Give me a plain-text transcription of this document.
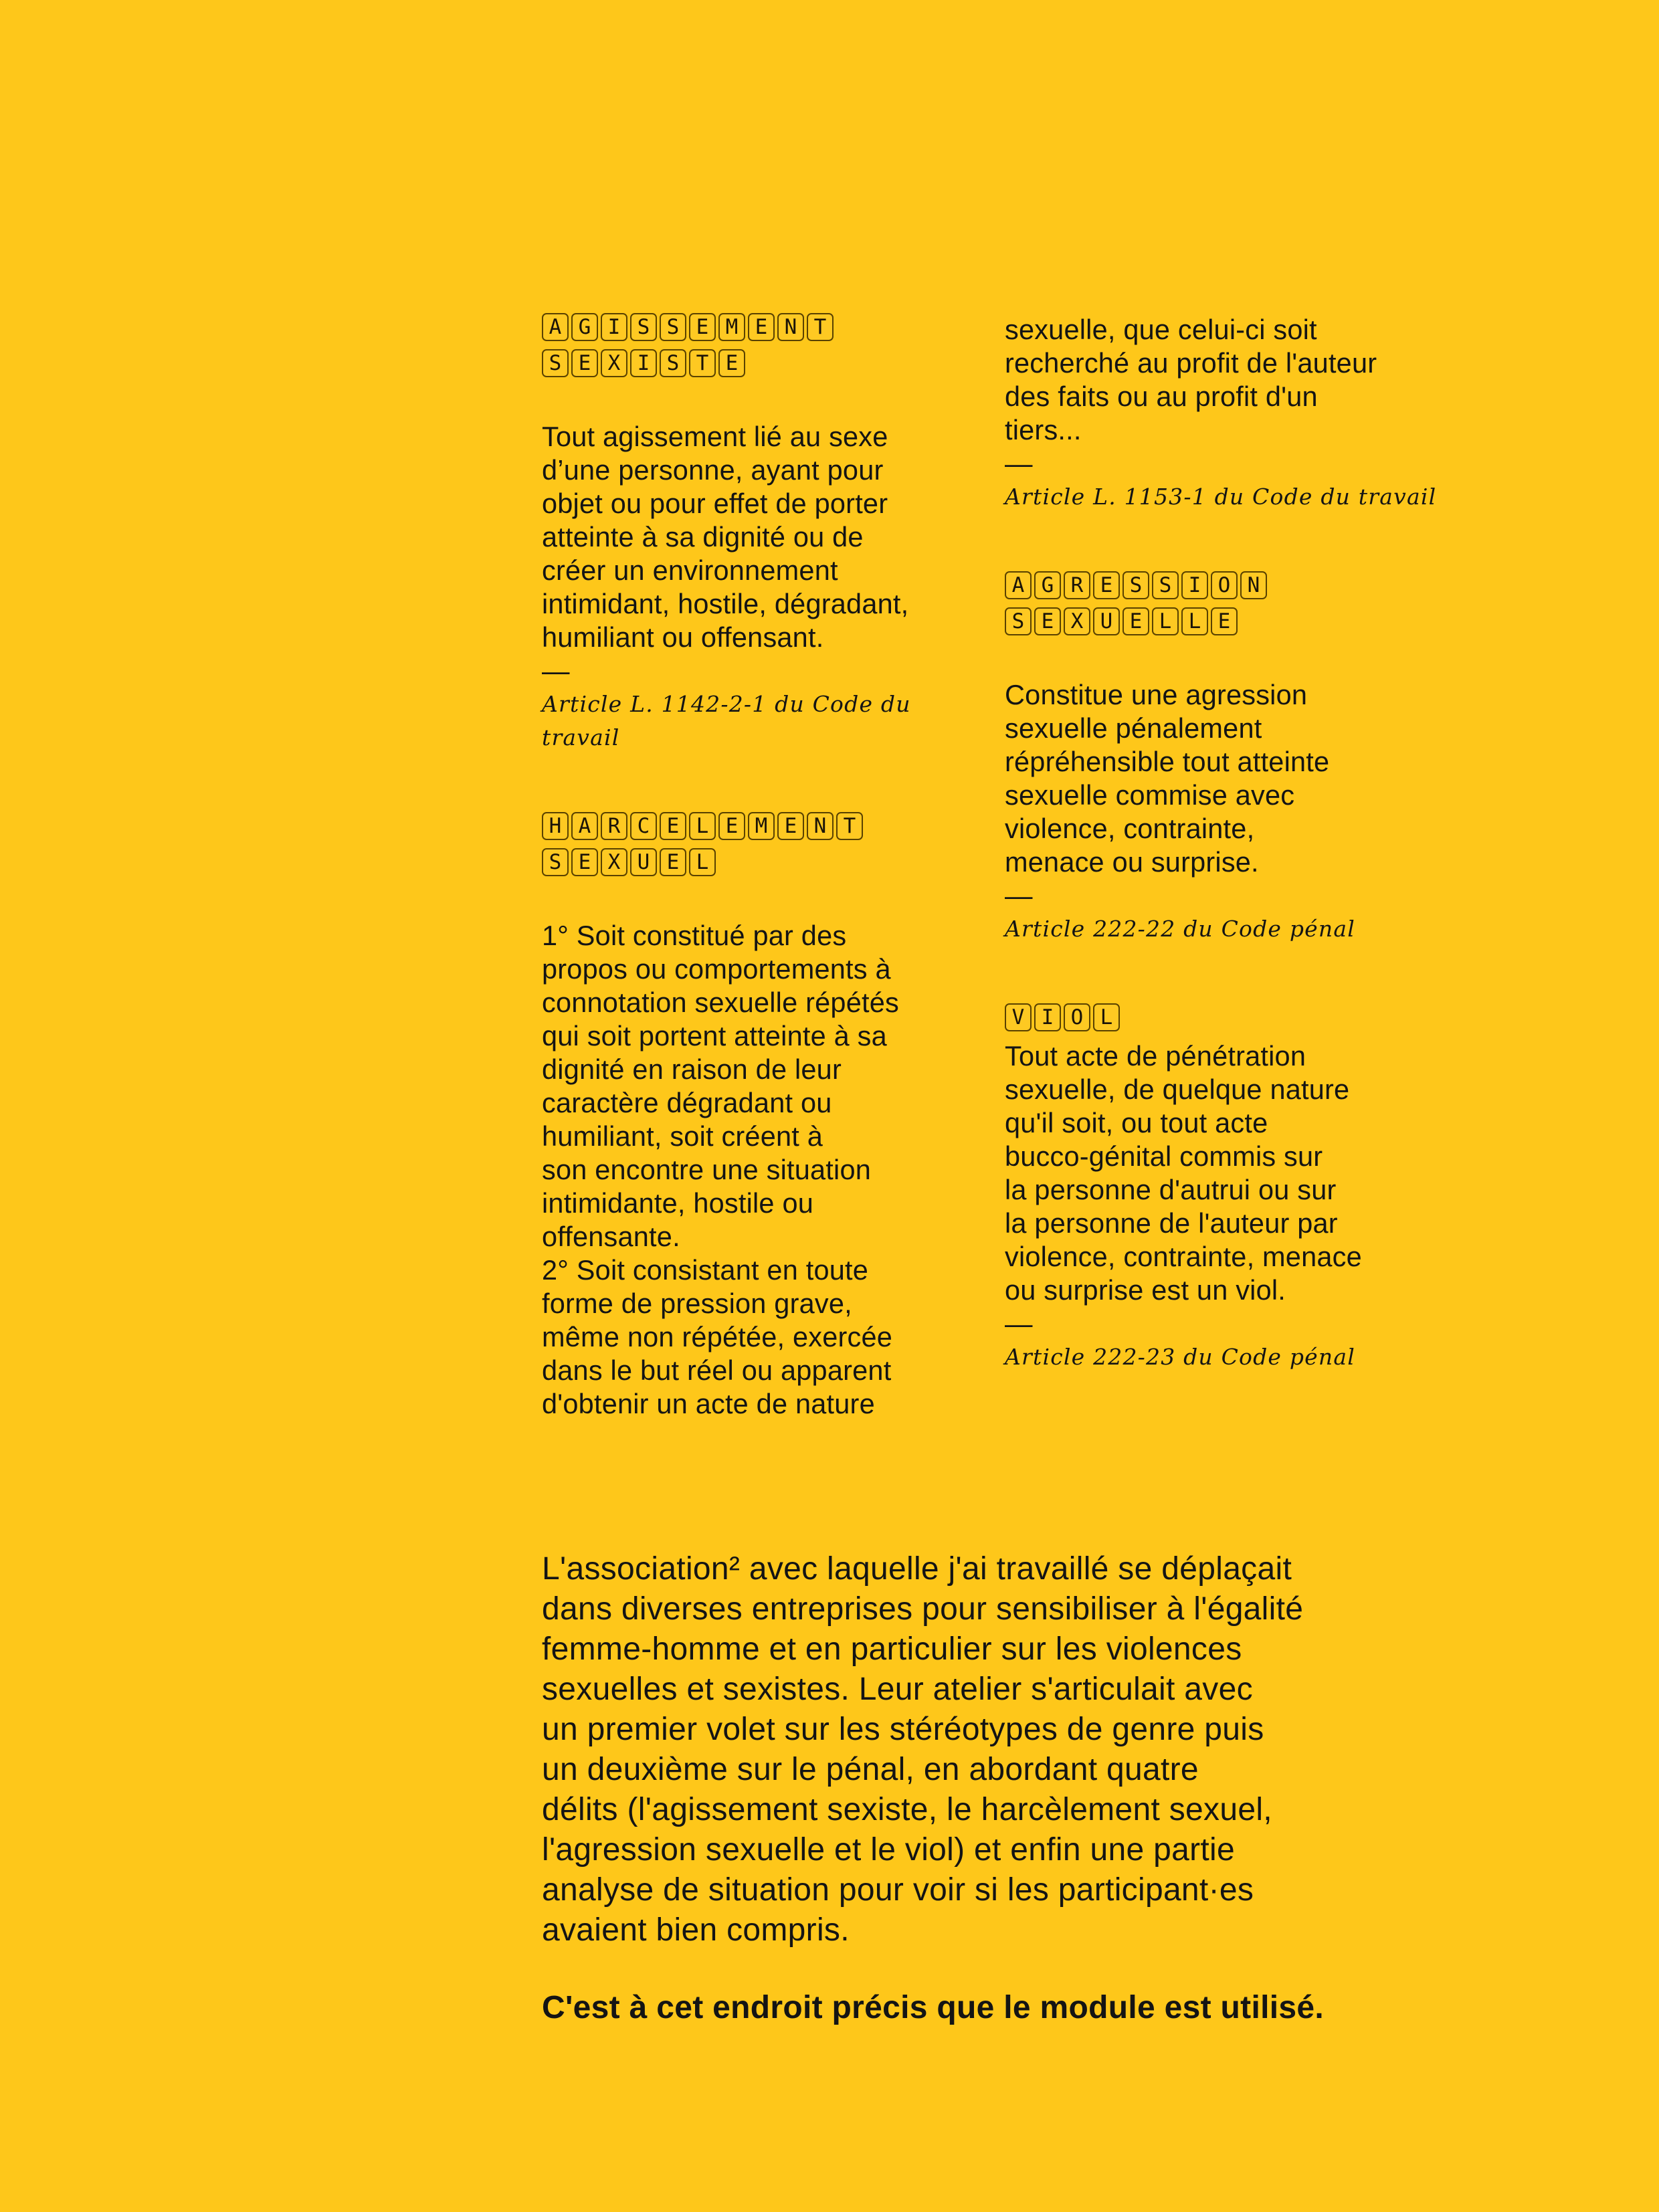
A G I S S E M E N T
S E X I S T E

Tout agissement lié au sexe
d’une personne, ayant pour
objet ou pour effet de porter
atteinte à sa dignité ou de
créer un environnement
intimidant, hostile, dégradant,
humiliant ou offensant.

—

Article L. 1142-2-1 du Code du travail

H A R C E L E M E N T
S E X U E L

1° Soit constitué par des
propos ou comportements à
connotation sexuelle répétés
qui soit portent atteinte à sa
dignité en raison de leur
caractère dégradant ou
humiliant, soit créent à
son encontre une situation
intimidante, hostile ou
offensante.
2° Soit consistant en toute
forme de pression grave,
même non répétée, exercée
dans le but réel ou apparent
d'obtenir un acte de nature

sexuelle, que celui-ci soit
recherché au profit de l'auteur
des faits ou au profit d'un
tiers...

—

Article L. 1153-1 du Code du travail

A G R E S S I O N
S E X U E L L E

Constitue une agression
sexuelle pénalement
répréhensible tout atteinte
sexuelle commise avec
violence, contrainte,
menace ou surprise.

—

Article 222-22 du Code pénal

V I O L

Tout acte de pénétration
sexuelle, de quelque nature
qu'il soit, ou tout acte
bucco-génital commis sur
la personne d'autrui ou sur
la personne de l'auteur par
violence, contrainte, menace
ou surprise est un viol.

—

Article 222-23 du Code pénal

L'association² avec laquelle j'ai travaillé se déplaçait
dans diverses entreprises pour sensibiliser à l'égalité
femme-homme et en particulier sur les violences
sexuelles et sexistes. Leur atelier s'articulait avec
un premier volet sur les stéréotypes de genre puis
un deuxième sur le pénal, en abordant quatre
délits (l'agissement sexiste, le harcèlement sexuel,
l'agression sexuelle et le viol) et enfin une partie
analyse de situation pour voir si les participant·es
avaient bien compris.

C'est à cet endroit précis que le module est utilisé.
